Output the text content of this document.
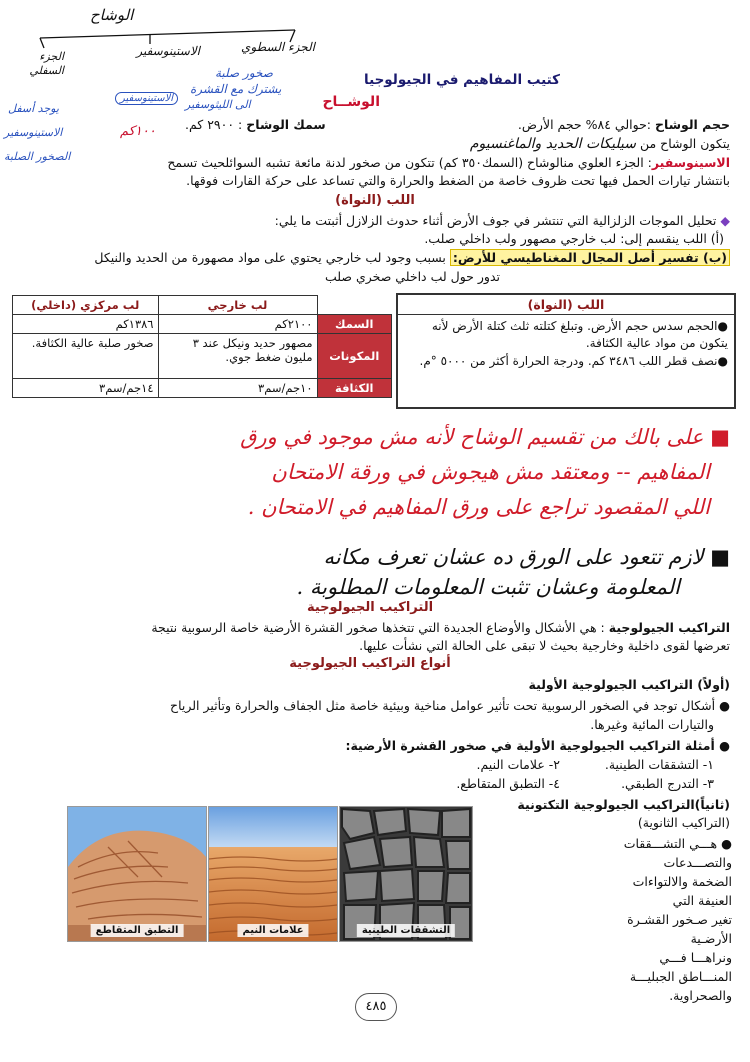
الوشاح
الجزء السطوي
الاستينوسفير
الجزء السفلي	صخور صلبة
يشترك مع القشرة
الى الليثوسفير
الاستينوسفير
١٠٠كم
يوجد أسفل
الاستينوسفير
الصخور الصلبة
كتيب المفاهيم في الجيولوجيا
الوشــاح
حجم الوشاح :حوالي ٨٤% حجم الأرض.
سمك الوشاح : ٢٩٠٠ كم.
يتكون الوشاح من سيليكات الحديد والماغنسيوم
الاسينوسفير: الجزء العلوي منالوشاح (السمك٣٥٠ كم) تتكون من صخور لدنة مائعة تشبه السوائلحيث تسمح
بانتشار تيارات الحمل فيها تحت ظروف خاصة من الضغط والحرارة والتي تساعد على حركة القارات فوقها.
اللب (النواة)
◆ تحليل الموجات الزلزالية التي تنتشر في جوف الأرض أثناء حدوث الزلازل أثبتت ما يلي:
(أ) اللب ينقسم إلى: لب خارجي مصهور ولب داخلي صلب.
(ب) تفسير أصل المجال المغناطيسي للأرض: بسبب وجود لب خارجي يحتوي على مواد مصهورة من الحديد والنيكل
تدور حول لب داخلي صخري صلب
اللب (النواة)
●الحجم سدس حجم الأرض. وتبلغ كتلته ثلث كتلة الأرض لأنه يتكون من مواد عالية الكثافة.
●نصف قطر اللب ٣٤٨٦ كم. ودرجة الحرارة أكثر من ٥٠٠٠ °م.
	لب خارجي	لب مركزي (داخلي)
السمك	٢١٠٠كم	١٣٨٦كم
المكونات	مصهور حديد ونيكل عند ٣ مليون ضغط جوي.	صخور صلبة عالية الكثافة.
الكثافة	١٠جم/سم٣	١٤جم/سم٣
■ على بالك من تقسيم الوشاح لأنه مش موجود في ورق
المفاهيم -- ومعتقد مش هيجوش في ورقة الامتحان
اللي المقصود تراجع على ورق المفاهيم في الامتحان .
■ لازم تتعود على الورق ده عشان تعرف مكانه
المعلومة وعشان تثبت المعلومات المطلوبة .
التراكيب الجيولوجية
التراكيب الجيولوجية : هي الأشكال والأوضاع الجديدة التي تتخذها صخور القشرة الأرضية خاصة الرسوبية نتيجة
تعرضها لقوى داخلية وخارجية بحيث لا تبقى على الحالة التي نشأت عليها.
أنواع التراكيب الجيولوجية
(أولاً) التراكيب الجيولوجية الأولية
● أشكال توجد في الصخور الرسوبية تحت تأثير عوامل مناخية وبيئية خاصة مثل الجفاف والحرارة وتأثير الرياح
والتيارات المائية وغيرها.
● أمثلة التراكيب الجيولوجية الأولية في صخور القشرة الأرضية:
١- التشققات الطينية.
٢- علامات النيم.
٣- التدرج الطبقي.
٤- التطبق المتقاطع.
(ثانياً)التراكيب الجيولوجية التكتونية
(التراكيب الثانوية)
● هـــي التشـــققات والتصـــدعات
الضخمة والالتواءات العنيفة التي
تغير صـخور القشـرة الأرضـية
ونراهـــا فـــي المنـــاطق الجبليـــة
والصحراوية.
التشققات الطينية
علامات النيم
التطبق المتقاطع
٤٨٥
